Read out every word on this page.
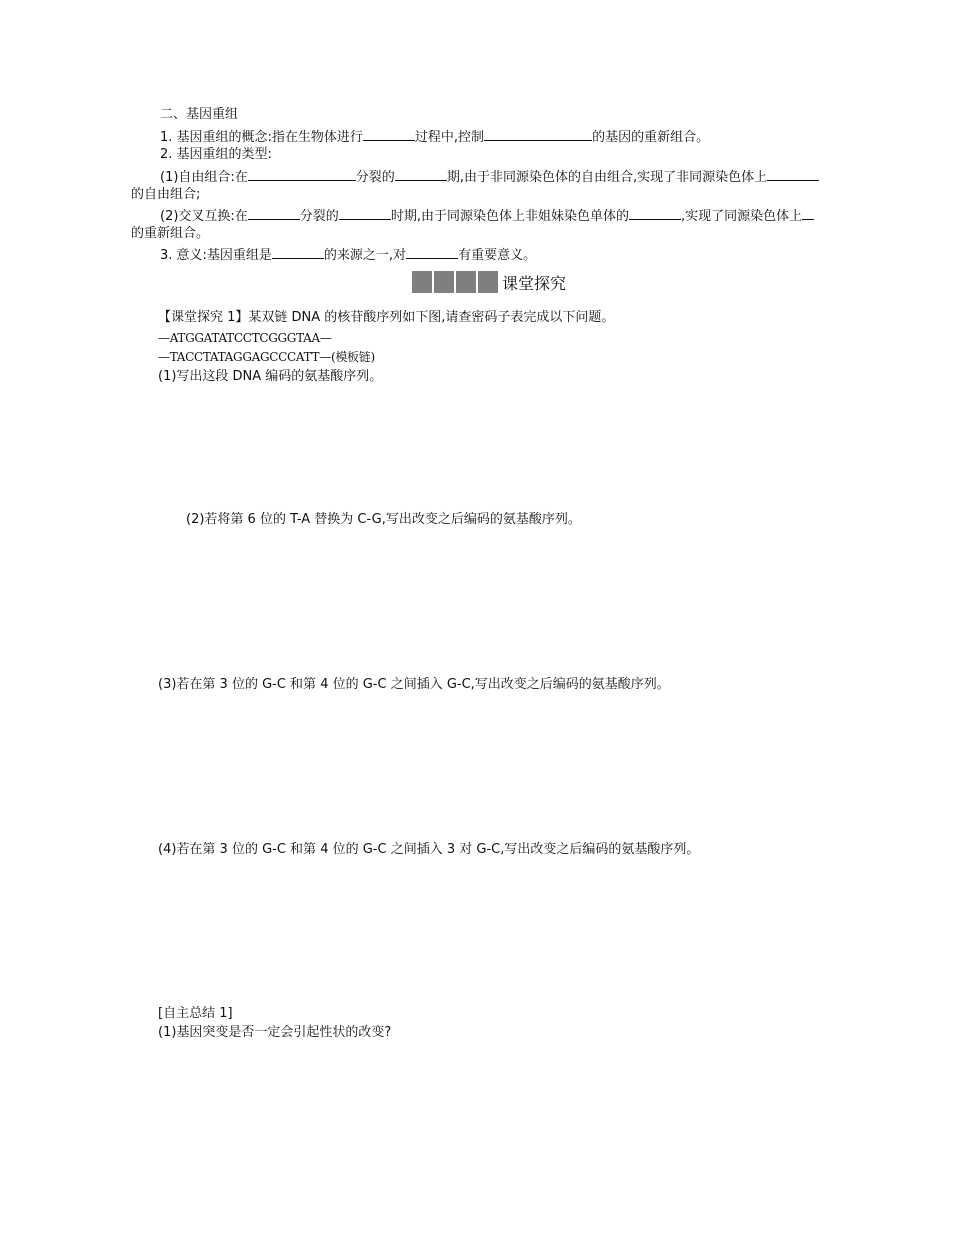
二、基因重组
1. 基因重组的概念:指在生物体进行	过程中,控制	的基因的重新组合。
2. 基因重组的类型:
(1)自由组合:在	分裂的	期,由于非同源染色体的自由组合,实现了非同源染色体上
的自由组合;
(2)交叉互换:在	分裂的	时期,由于同源染色体上非姐妹染色单体的	,实现了同源染色体上
的重新组合。
3. 意义:基因重组是	的来源之一,对	有重要意义。
课堂探究
【课堂探究 1】某双链 DNA 的核苷酸序列如下图,请查密码子表完成以下问题。
—ATGGATATCCTCGGGTAA—
—TACCTATAGGAGCCCATT—(模板链)
(1)写出这段 DNA 编码的氨基酸序列。
(2)若将第 6 位的 T-A 替换为 C-G,写出改变之后编码的氨基酸序列。
(3)若在第 3 位的 G-C 和第 4 位的 G-C 之间插入 G-C,写出改变之后编码的氨基酸序列。
(4)若在第 3 位的 G-C 和第 4 位的 G-C 之间插入 3 对 G-C,写出改变之后编码的氨基酸序列。
[自主总结 1]
(1)基因突变是否一定会引起性状的改变?
